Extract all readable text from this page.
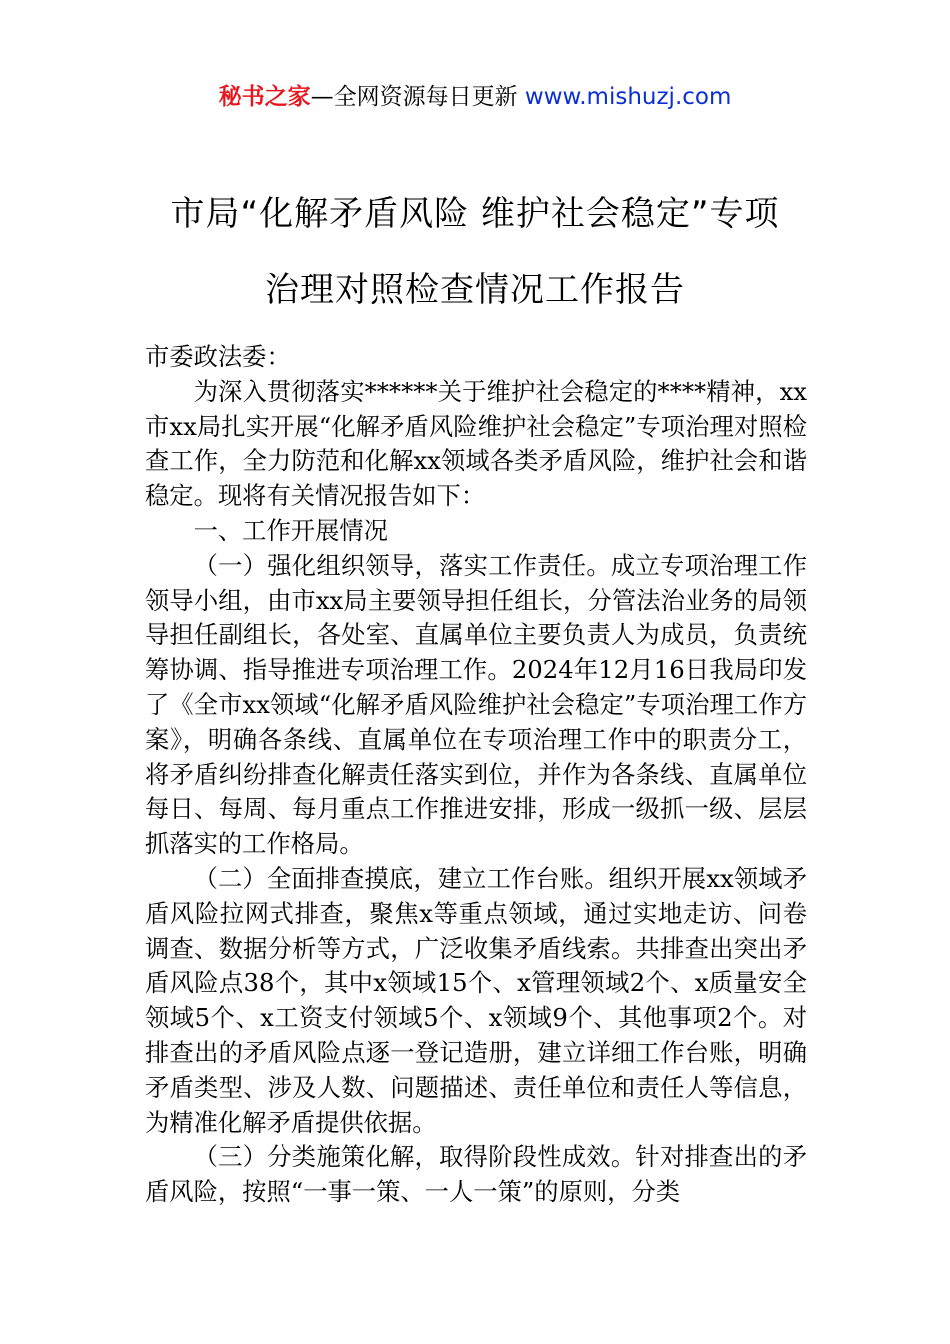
秘书之家—全网资源每日更新 www.mishuzj.com
市局“化解矛盾风险 维护社会稳定”专项
治理对照检查情况工作报告

市委政法委：

为深入贯彻落实******关于维护社会稳定的****精神，xx市xx局扎实开展“化解矛盾风险维护社会稳定”专项治理对照检查工作，全力防范和化解xx领域各类矛盾风险，维护社会和谐稳定。现将有关情况报告如下：

一、工作开展情况

（一）强化组织领导，落实工作责任。成立专项治理工作领导小组，由市xx局主要领导担任组长，分管法治业务的局领导担任副组长，各处室、直属单位主要负责人为成员，负责统筹协调、指导推进专项治理工作。2024年12月16日我局印发了《全市xx领域“化解矛盾风险维护社会稳定”专项治理工作方案》，明确各条线、直属单位在专项治理工作中的职责分工，将矛盾纠纷排查化解责任落实到位，并作为各条线、直属单位每日、每周、每月重点工作推进安排，形成一级抓一级、层层抓落实的工作格局。

（二）全面排查摸底，建立工作台账。组织开展xx领域矛盾风险拉网式排查，聚焦x等重点领域，通过实地走访、问卷调查、数据分析等方式，广泛收集矛盾线索。共排查出突出矛盾风险点38个，其中x领域15个、x管理领域2个、x质量安全领域5个、x工资支付领域5个、x领域9个、其他事项2个。对排查出的矛盾风险点逐一登记造册，建立详细工作台账，明确矛盾类型、涉及人数、问题描述、责任单位和责任人等信息，为精准化解矛盾提供依据。

（三）分类施策化解，取得阶段性成效。针对排查出的矛盾风险，按照“一事一策、一人一策”的原则，分类
